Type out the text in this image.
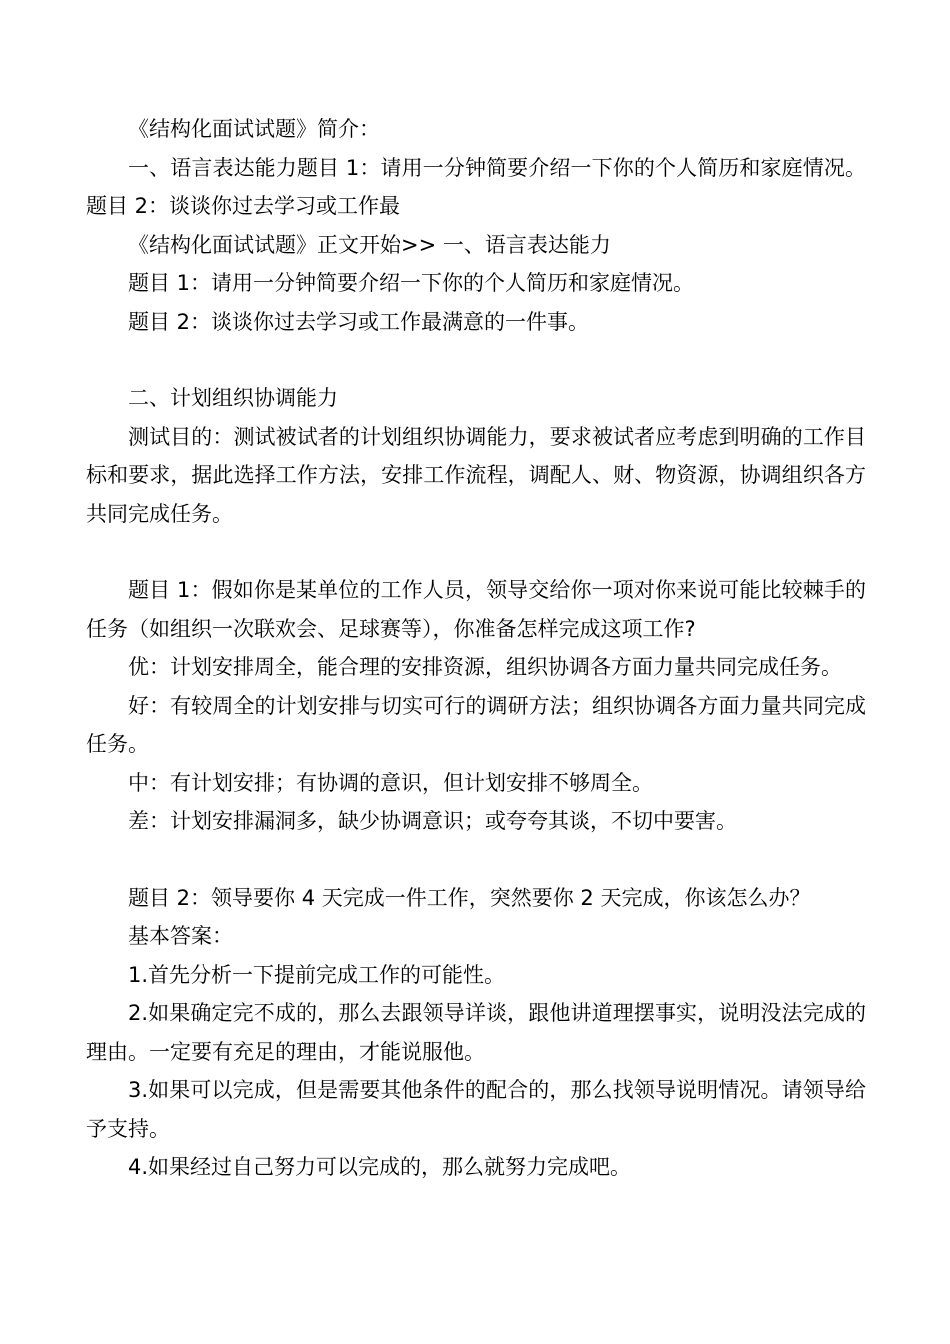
《结构化面试试题》简介：

一、语言表达能力题目 1：请用一分钟简要介绍一下你的个人简历和家庭情况。题目 2：谈谈你过去学习或工作最

《结构化面试试题》正文开始>> 一、语言表达能力

题目 1：请用一分钟简要介绍一下你的个人简历和家庭情况。

题目 2：谈谈你过去学习或工作最满意的一件事。

二、计划组织协调能力

测试目的：测试被试者的计划组织协调能力，要求被试者应考虑到明确的工作目标和要求，据此选择工作方法，安排工作流程，调配人、财、物资源，协调组织各方共同完成任务。

题目 1：假如你是某单位的工作人员，领导交给你一项对你来说可能比较棘手的任务（如组织一次联欢会、足球赛等），你准备怎样完成这项工作?

优：计划安排周全，能合理的安排资源，组织协调各方面力量共同完成任务。

好：有较周全的计划安排与切实可行的调研方法；组织协调各方面力量共同完成任务。

中：有计划安排；有协调的意识，但计划安排不够周全。

差：计划安排漏洞多，缺少协调意识；或夸夸其谈，不切中要害。

题目 2：领导要你 4 天完成一件工作，突然要你 2 天完成，你该怎么办？

基本答案：

1.首先分析一下提前完成工作的可能性。

2.如果确定完不成的，那么去跟领导详谈，跟他讲道理摆事实，说明没法完成的理由。一定要有充足的理由，才能说服他。

3.如果可以完成，但是需要其他条件的配合的，那么找领导说明情况。请领导给予支持。

4.如果经过自己努力可以完成的，那么就努力完成吧。
